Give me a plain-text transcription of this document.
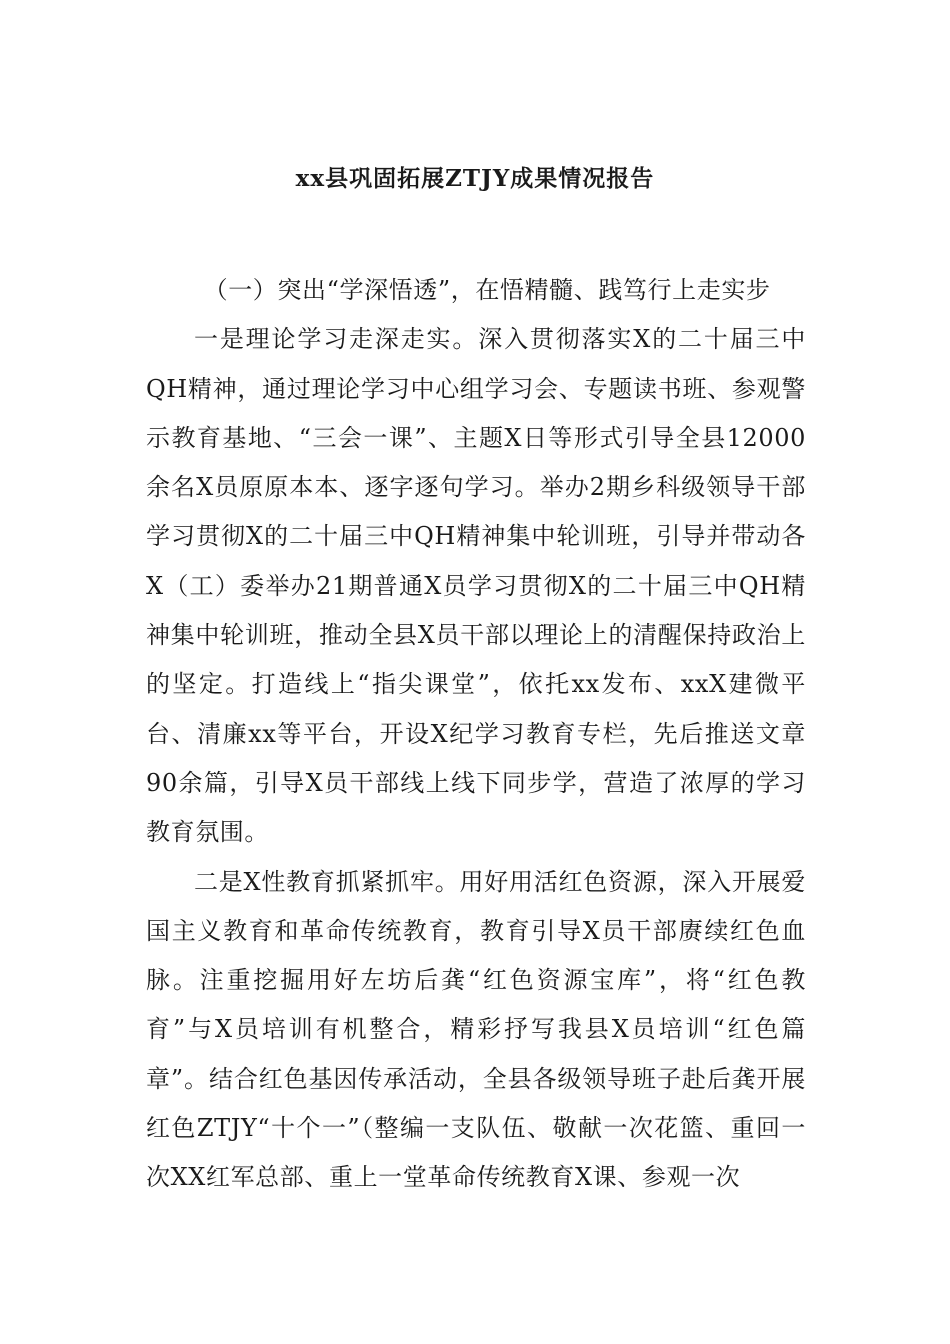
xx县巩固拓展ZTJY成果情况报告

（一）突出“学深悟透”，在悟精髓、践笃行上走实步

一是理论学习走深走实。深入贯彻落实X的二十届三中QH精神，通过理论学习中心组学习会、专题读书班、参观警示教育基地、“三会一课”、主题X日等形式引导全县12000余名X员原原本本、逐字逐句学习。举办2期乡科级领导干部学习贯彻X的二十届三中QH精神集中轮训班，引导并带动各X（工）委举办21期普通X员学习贯彻X的二十届三中QH精神集中轮训班，推动全县X员干部以理论上的清醒保持政治上的坚定。打造线上“指尖课堂”，依托xx发布、xxX建微平台、清廉xx等平台，开设X纪学习教育专栏，先后推送文章90余篇，引导X员干部线上线下同步学，营造了浓厚的学习教育氛围。

二是X性教育抓紧抓牢。用好用活红色资源，深入开展爱国主义教育和革命传统教育，教育引导X员干部赓续红色血脉。注重挖掘用好左坊后龚“红色资源宝库”，将“红色教育”与X员培训有机整合，精彩抒写我县X员培训“红色篇章”。结合红色基因传承活动，全县各级领导班子赴后龚开展红色ZTJY“十个一”（整编一支队伍、敬献一次花篮、重回一次XX红军总部、重上一堂革命传统教育X课、参观一次
